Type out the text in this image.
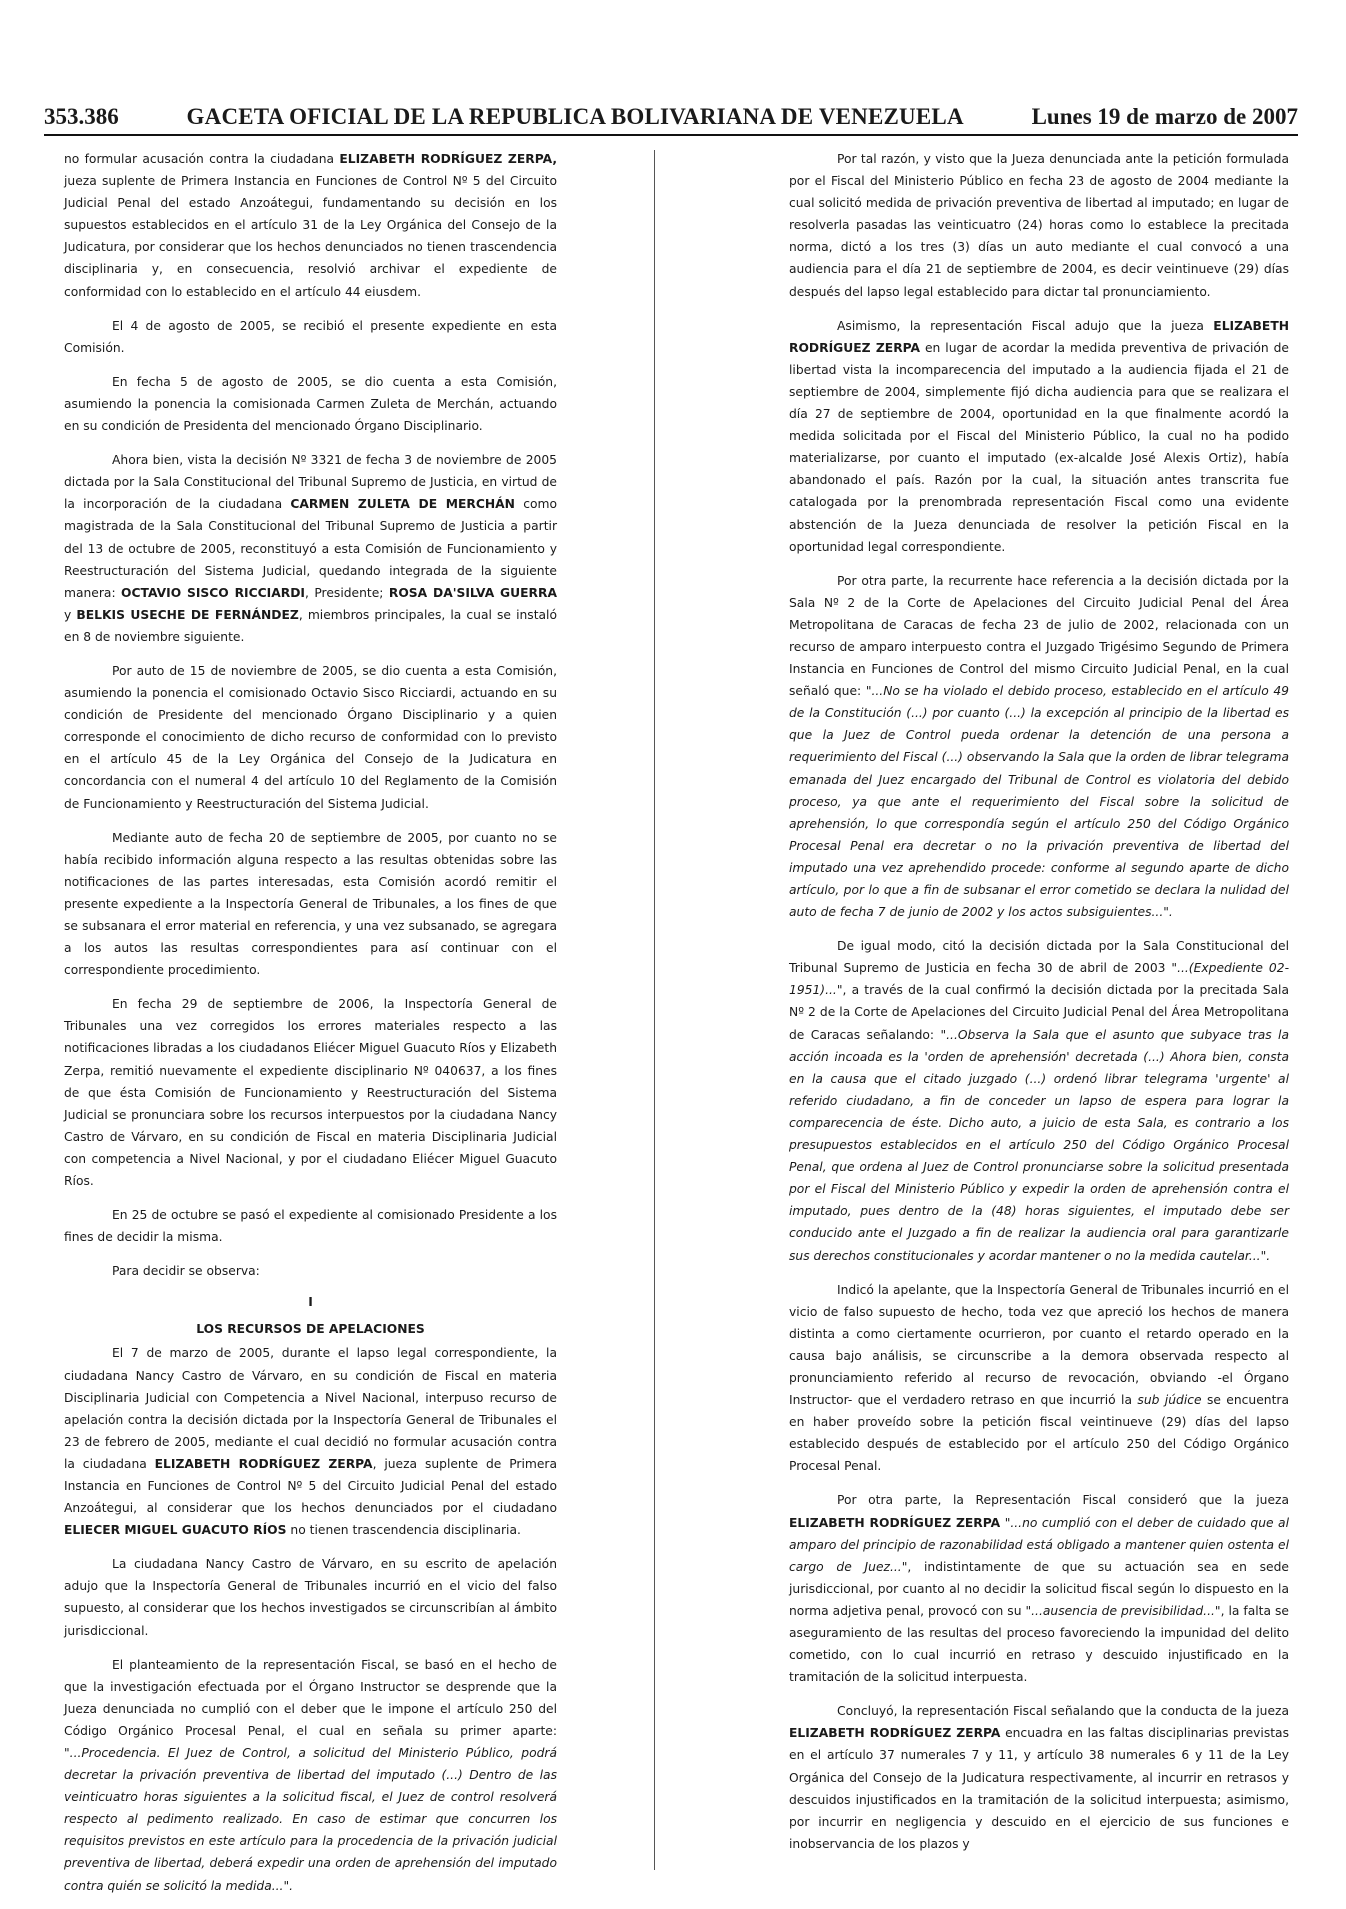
353.386	GACETA OFICIAL DE LA REPUBLICA BOLIVARIANA DE VENEZUELA	Lunes 19 de marzo de 2007

no formular acusación contra la ciudadana ELIZABETH RODRÍGUEZ ZERPA, jueza suplente de Primera Instancia en Funciones de Control Nº 5 del Circuito Judicial Penal del estado Anzoátegui, fundamentando su decisión en los supuestos establecidos en el artículo 31 de la Ley Orgánica del Consejo de la Judicatura, por considerar que los hechos denunciados no tienen trascendencia disciplinaria y, en consecuencia, resolvió archivar el expediente de conformidad con lo establecido en el artículo 44 eiusdem.

El 4 de agosto de 2005, se recibió el presente expediente en esta Comisión.

En fecha 5 de agosto de 2005, se dio cuenta a esta Comisión, asumiendo la ponencia la comisionada Carmen Zuleta de Merchán, actuando en su condición de Presidenta del mencionado Órgano Disciplinario.

Ahora bien, vista la decisión Nº 3321 de fecha 3 de noviembre de 2005 dictada por la Sala Constitucional del Tribunal Supremo de Justicia, en virtud de la incorporación de la ciudadana CARMEN ZULETA DE MERCHÁN como magistrada de la Sala Constitucional del Tribunal Supremo de Justicia a partir del 13 de octubre de 2005, reconstituyó a esta Comisión de Funcionamiento y Reestructuración del Sistema Judicial, quedando integrada de la siguiente manera: OCTAVIO SISCO RICCIARDI, Presidente; ROSA DA'SILVA GUERRA y BELKIS USECHE DE FERNÁNDEZ, miembros principales, la cual se instaló en 8 de noviembre siguiente.

Por auto de 15 de noviembre de 2005, se dio cuenta a esta Comisión, asumiendo la ponencia el comisionado Octavio Sisco Ricciardi, actuando en su condición de Presidente del mencionado Órgano Disciplinario y a quien corresponde el conocimiento de dicho recurso de conformidad con lo previsto en el artículo 45 de la Ley Orgánica del Consejo de la Judicatura en concordancia con el numeral 4 del artículo 10 del Reglamento de la Comisión de Funcionamiento y Reestructuración del Sistema Judicial.

Mediante auto de fecha 20 de septiembre de 2005, por cuanto no se había recibido información alguna respecto a las resultas obtenidas sobre las notificaciones de las partes interesadas, esta Comisión acordó remitir el presente expediente a la Inspectoría General de Tribunales, a los fines de que se subsanara el error material en referencia, y una vez subsanado, se agregara a los autos las resultas correspondientes para así continuar con el correspondiente procedimiento.

En fecha 29 de septiembre de 2006, la Inspectoría General de Tribunales una vez corregidos los errores materiales respecto a las notificaciones libradas a los ciudadanos Eliécer Miguel Guacuto Ríos y Elizabeth Zerpa, remitió nuevamente el expediente disciplinario Nº 040637, a los fines de que ésta Comisión de Funcionamiento y Reestructuración del Sistema Judicial se pronunciara sobre los recursos interpuestos por la ciudadana Nancy Castro de Várvaro, en su condición de Fiscal en materia Disciplinaria Judicial con competencia a Nivel Nacional, y por el ciudadano Eliécer Miguel Guacuto Ríos.

En 25 de octubre se pasó el expediente al comisionado Presidente a los fines de decidir la misma.

Para decidir se observa:

I

LOS RECURSOS DE APELACIONES

El 7 de marzo de 2005, durante el lapso legal correspondiente, la ciudadana Nancy Castro de Várvaro, en su condición de Fiscal en materia Disciplinaria Judicial con Competencia a Nivel Nacional, interpuso recurso de apelación contra la decisión dictada por la Inspectoría General de Tribunales el 23 de febrero de 2005, mediante el cual decidió no formular acusación contra la ciudadana ELIZABETH RODRÍGUEZ ZERPA, jueza suplente de Primera Instancia en Funciones de Control Nº 5 del Circuito Judicial Penal del estado Anzoátegui, al considerar que los hechos denunciados por el ciudadano ELIECER MIGUEL GUACUTO RÍOS no tienen trascendencia disciplinaria.

La ciudadana Nancy Castro de Várvaro, en su escrito de apelación adujo que la Inspectoría General de Tribunales incurrió en el vicio del falso supuesto, al considerar que los hechos investigados se circunscribían al ámbito jurisdiccional.

El planteamiento de la representación Fiscal, se basó en el hecho de que la investigación efectuada por el Órgano Instructor se desprende que la Jueza denunciada no cumplió con el deber que le impone el artículo 250 del Código Orgánico Procesal Penal, el cual en señala su primer aparte: "...Procedencia. El Juez de Control, a solicitud del Ministerio Público, podrá decretar la privación preventiva de libertad del imputado (...) Dentro de las veinticuatro horas siguientes a la solicitud fiscal, el Juez de control resolverá respecto al pedimento realizado. En caso de estimar que concurren los requisitos previstos en este artículo para la procedencia de la privación judicial preventiva de libertad, deberá expedir una orden de aprehensión del imputado contra quién se solicitó la medida...".

Por tal razón, y visto que la Jueza denunciada ante la petición formulada por el Fiscal del Ministerio Público en fecha 23 de agosto de 2004 mediante la cual solicitó medida de privación preventiva de libertad al imputado; en lugar de resolverla pasadas las veinticuatro (24) horas como lo establece la precitada norma, dictó a los tres (3) días un auto mediante el cual convocó a una audiencia para el día 21 de septiembre de 2004, es decir veintinueve (29) días después del lapso legal establecido para dictar tal pronunciamiento.

Asimismo, la representación Fiscal adujo que la jueza ELIZABETH RODRÍGUEZ ZERPA en lugar de acordar la medida preventiva de privación de libertad vista la incomparecencia del imputado a la audiencia fijada el 21 de septiembre de 2004, simplemente fijó dicha audiencia para que se realizara el día 27 de septiembre de 2004, oportunidad en la que finalmente acordó la medida solicitada por el Fiscal del Ministerio Público, la cual no ha podido materializarse, por cuanto el imputado (ex-alcalde José Alexis Ortiz), había abandonado el país. Razón por la cual, la situación antes transcrita fue catalogada por la prenombrada representación Fiscal como una evidente abstención de la Jueza denunciada de resolver la petición Fiscal en la oportunidad legal correspondiente.

Por otra parte, la recurrente hace referencia a la decisión dictada por la Sala Nº 2 de la Corte de Apelaciones del Circuito Judicial Penal del Área Metropolitana de Caracas de fecha 23 de julio de 2002, relacionada con un recurso de amparo interpuesto contra el Juzgado Trigésimo Segundo de Primera Instancia en Funciones de Control del mismo Circuito Judicial Penal, en la cual señaló que: "...No se ha violado el debido proceso, establecido en el artículo 49 de la Constitución (...) por cuanto (...) la excepción al principio de la libertad es que la Juez de Control pueda ordenar la detención de una persona a requerimiento del Fiscal (...) observando la Sala que la orden de librar telegrama emanada del Juez encargado del Tribunal de Control es violatoria del debido proceso, ya que ante el requerimiento del Fiscal sobre la solicitud de aprehensión, lo que correspondía según el artículo 250 del Código Orgánico Procesal Penal era decretar o no la privación preventiva de libertad del imputado una vez aprehendido procede: conforme al segundo aparte de dicho artículo, por lo que a fin de subsanar el error cometido se declara la nulidad del auto de fecha 7 de junio de 2002 y los actos subsiguientes...".

De igual modo, citó la decisión dictada por la Sala Constitucional del Tribunal Supremo de Justicia en fecha 30 de abril de 2003 "...(Expediente 02-1951)...", a través de la cual confirmó la decisión dictada por la precitada Sala Nº 2 de la Corte de Apelaciones del Circuito Judicial Penal del Área Metropolitana de Caracas señalando: "...Observa la Sala que el asunto que subyace tras la acción incoada es la 'orden de aprehensión' decretada (...) Ahora bien, consta en la causa que el citado juzgado (...) ordenó librar telegrama 'urgente' al referido ciudadano, a fin de conceder un lapso de espera para lograr la comparecencia de éste. Dicho auto, a juicio de esta Sala, es contrario a los presupuestos establecidos en el artículo 250 del Código Orgánico Procesal Penal, que ordena al Juez de Control pronunciarse sobre la solicitud presentada por el Fiscal del Ministerio Público y expedir la orden de aprehensión contra el imputado, pues dentro de la (48) horas siguientes, el imputado debe ser conducido ante el Juzgado a fin de realizar la audiencia oral para garantizarle sus derechos constitucionales y acordar mantener o no la medida cautelar...".

Indicó la apelante, que la Inspectoría General de Tribunales incurrió en el vicio de falso supuesto de hecho, toda vez que apreció los hechos de manera distinta a como ciertamente ocurrieron, por cuanto el retardo operado en la causa bajo análisis, se circunscribe a la demora observada respecto al pronunciamiento referido al recurso de revocación, obviando -el Órgano Instructor- que el verdadero retraso en que incurrió la sub júdice se encuentra en haber proveído sobre la petición fiscal veintinueve (29) días del lapso establecido después de establecido por el artículo 250 del Código Orgánico Procesal Penal.

Por otra parte, la Representación Fiscal consideró que la jueza ELIZABETH RODRÍGUEZ ZERPA "...no cumplió con el deber de cuidado que al amparo del principio de razonabilidad está obligado a mantener quien ostenta el cargo de Juez...", indistintamente de que su actuación sea en sede jurisdiccional, por cuanto al no decidir la solicitud fiscal según lo dispuesto en la norma adjetiva penal, provocó con su "...ausencia de previsibilidad...", la falta se aseguramiento de las resultas del proceso favoreciendo la impunidad del delito cometido, con lo cual incurrió en retraso y descuido injustificado en la tramitación de la solicitud interpuesta.

Concluyó, la representación Fiscal señalando que la conducta de la jueza ELIZABETH RODRÍGUEZ ZERPA encuadra en las faltas disciplinarias previstas en el artículo 37 numerales 7 y 11, y artículo 38 numerales 6 y 11 de la Ley Orgánica del Consejo de la Judicatura respectivamente, al incurrir en retrasos y descuidos injustificados en la tramitación de la solicitud interpuesta; asimismo, por incurrir en negligencia y descuido en el ejercicio de sus funciones e inobservancia de los plazos y
